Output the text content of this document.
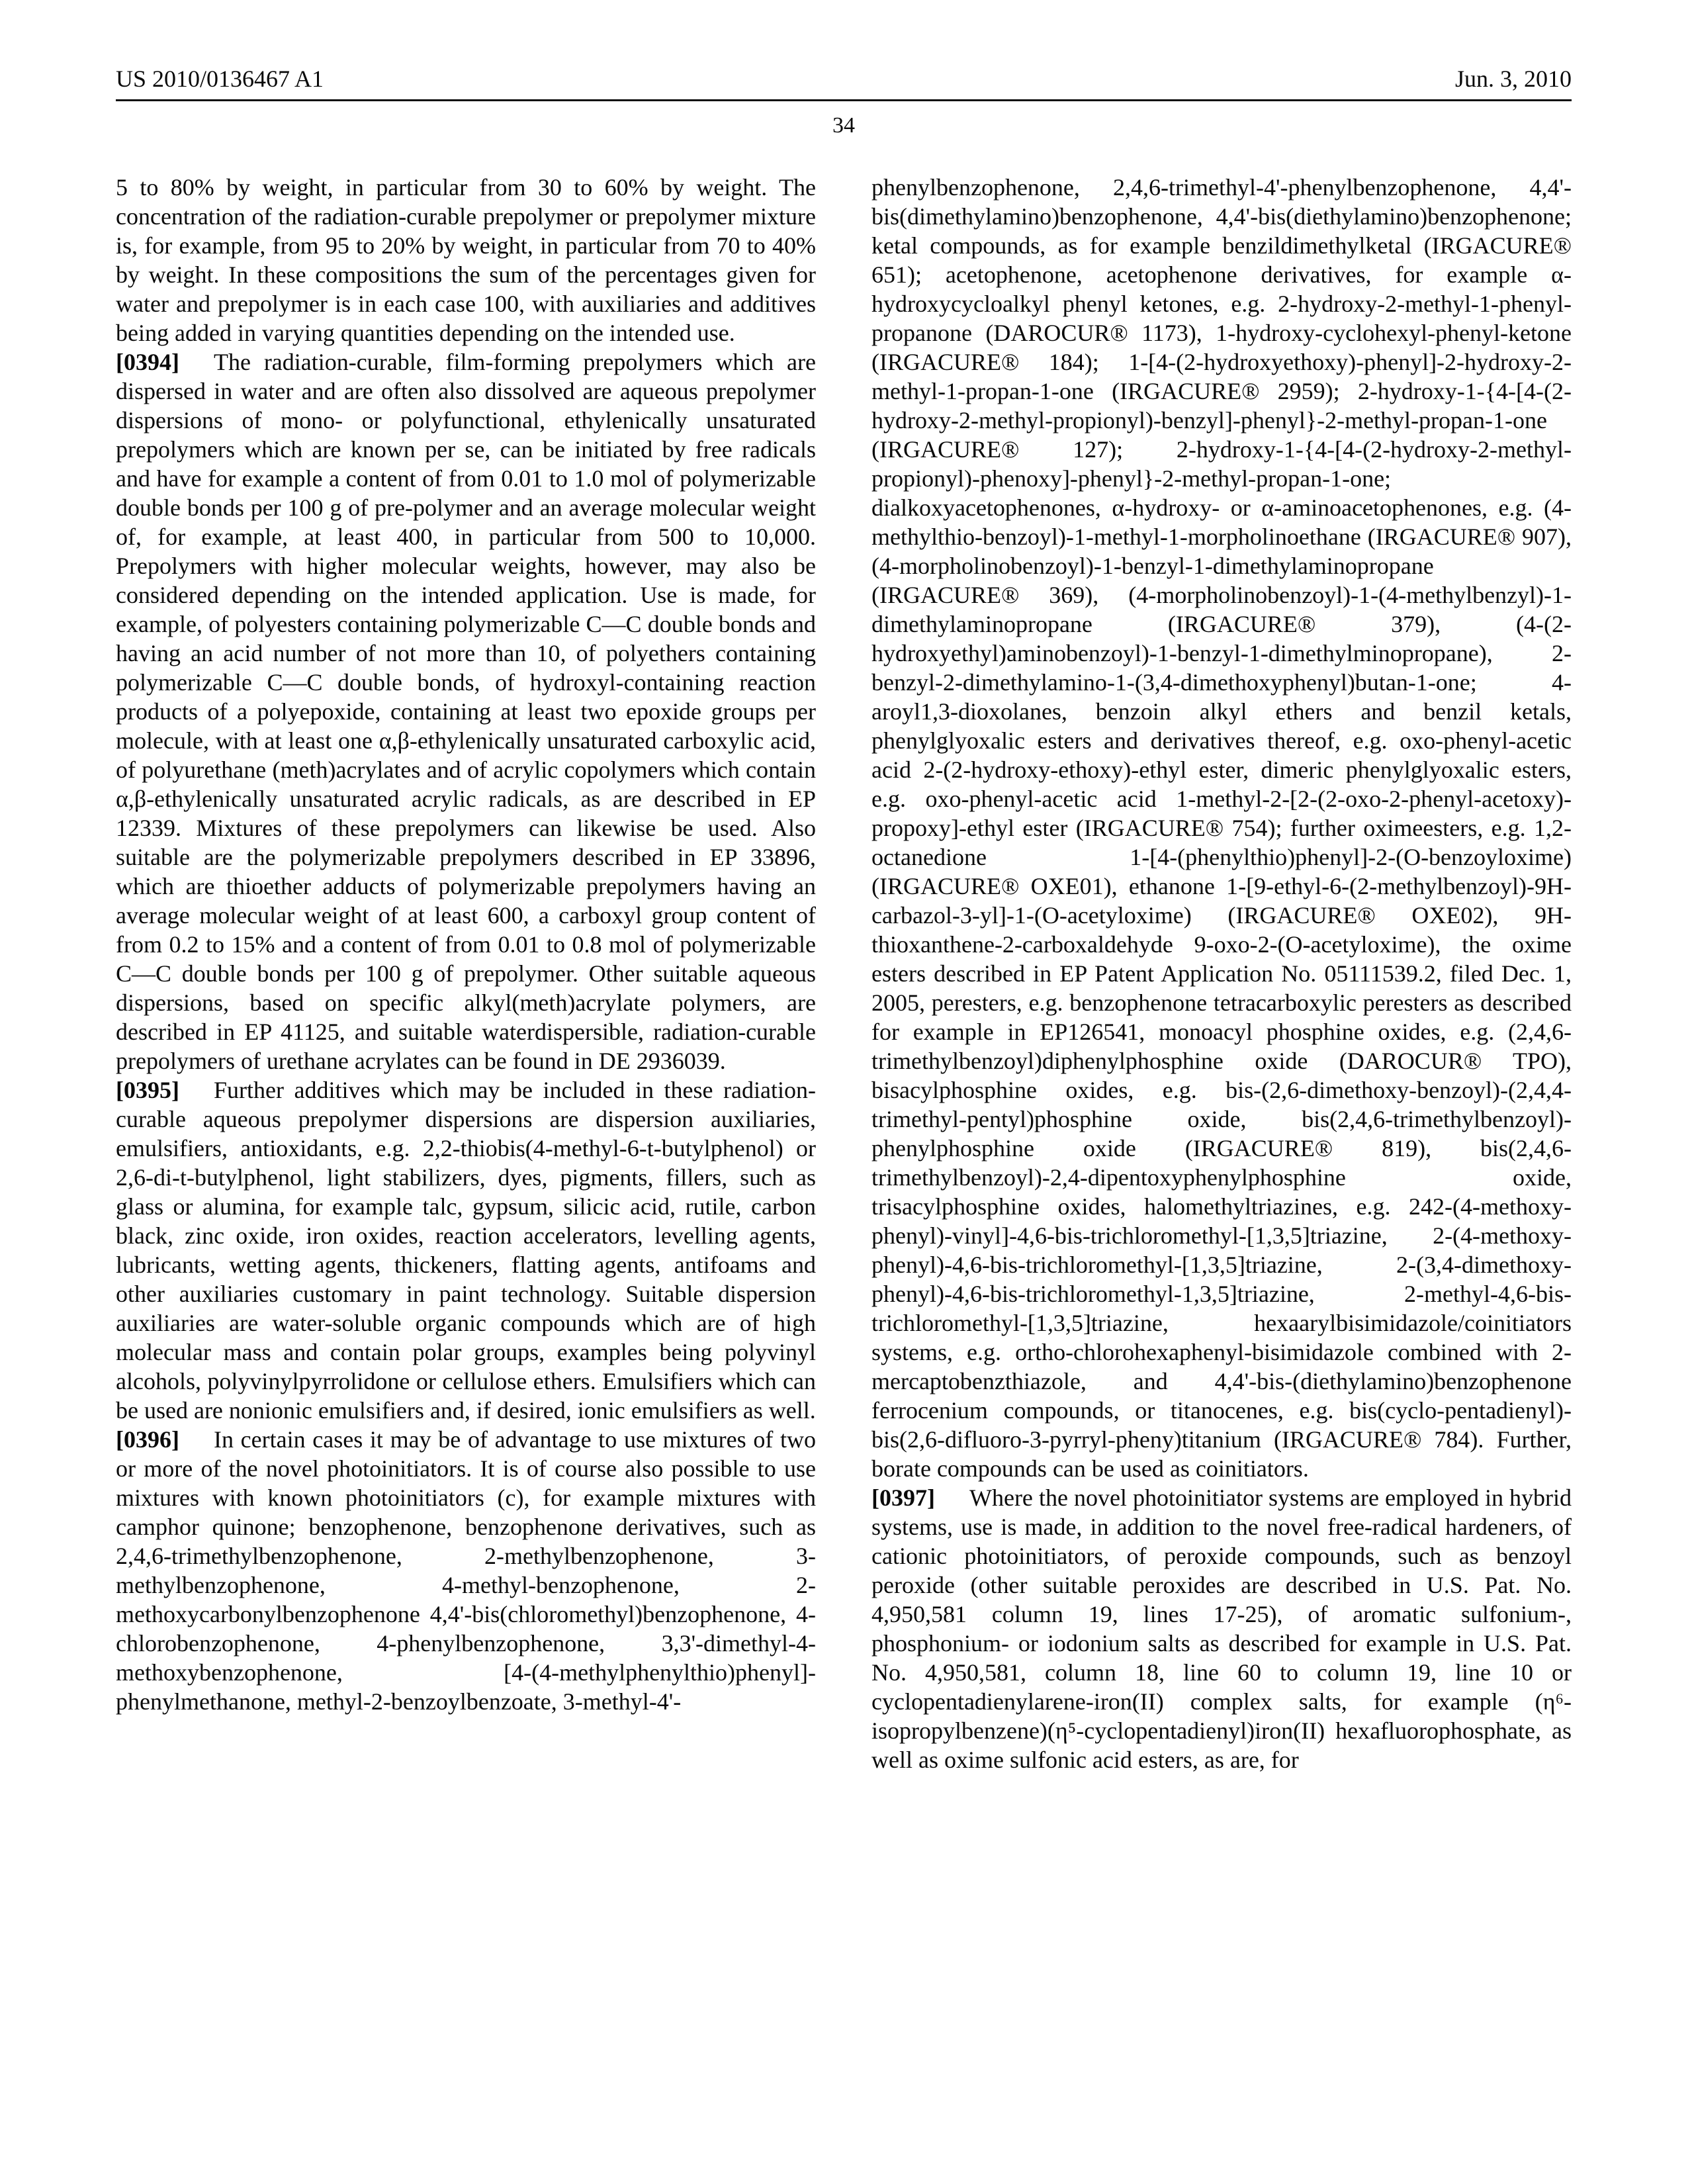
US 2010/0136467 A1	Jun. 3, 2010
34

5 to 80% by weight, in particular from 30 to 60% by weight. The concentration of the radiation-curable prepolymer or prepolymer mixture is, for example, from 95 to 20% by weight, in particular from 70 to 40% by weight. In these compositions the sum of the percentages given for water and prepolymer is in each case 100, with auxiliaries and additives being added in varying quantities depending on the intended use.

[0394] The radiation-curable, film-forming prepolymers which are dispersed in water and are often also dissolved are aqueous prepolymer dispersions of mono- or polyfunctional, ethylenically unsaturated prepolymers which are known per se, can be initiated by free radicals and have for example a content of from 0.01 to 1.0 mol of polymerizable double bonds per 100 g of pre-polymer and an average molecular weight of, for example, at least 400, in particular from 500 to 10,000. Prepolymers with higher molecular weights, however, may also be considered depending on the intended application. Use is made, for example, of polyesters containing polymerizable C—C double bonds and having an acid number of not more than 10, of polyethers containing polymerizable C—C double bonds, of hydroxyl-containing reaction products of a polyepoxide, containing at least two epoxide groups per molecule, with at least one α,β-ethylenically unsaturated carboxylic acid, of polyurethane (meth)acrylates and of acrylic copolymers which contain α,β-ethylenically unsaturated acrylic radicals, as are described in EP 12339. Mixtures of these prepolymers can likewise be used. Also suitable are the polymerizable prepolymers described in EP 33896, which are thioether adducts of polymerizable prepolymers having an average molecular weight of at least 600, a carboxyl group content of from 0.2 to 15% and a content of from 0.01 to 0.8 mol of polymerizable C—C double bonds per 100 g of prepolymer. Other suitable aqueous dispersions, based on specific alkyl(meth)acrylate polymers, are described in EP 41125, and suitable waterdispersible, radiation-curable prepolymers of urethane acrylates can be found in DE 2936039.

[0395] Further additives which may be included in these radiation-curable aqueous prepolymer dispersions are dispersion auxiliaries, emulsifiers, antioxidants, e.g. 2,2-thiobis(4-methyl-6-t-butylphenol) or 2,6-di-t-butylphenol, light stabilizers, dyes, pigments, fillers, such as glass or alumina, for example talc, gypsum, silicic acid, rutile, carbon black, zinc oxide, iron oxides, reaction accelerators, levelling agents, lubricants, wetting agents, thickeners, flatting agents, antifoams and other auxiliaries customary in paint technology. Suitable dispersion auxiliaries are water-soluble organic compounds which are of high molecular mass and contain polar groups, examples being polyvinyl alcohols, polyvinylpyrrolidone or cellulose ethers. Emulsifiers which can be used are nonionic emulsifiers and, if desired, ionic emulsifiers as well.

[0396] In certain cases it may be of advantage to use mixtures of two or more of the novel photoinitiators. It is of course also possible to use mixtures with known photoinitiators (c), for example mixtures with camphor quinone; benzophenone, benzophenone derivatives, such as 2,4,6-trimethylbenzophenone, 2-methylbenzophenone, 3-methylbenzophenone, 4-methyl-benzophenone, 2-methoxycarbonylbenzophenone 4,4'-bis(chloromethyl)benzophenone, 4-chlorobenzophenone, 4-phenylbenzophenone, 3,3'-dimethyl-4-methoxybenzophenone, [4-(4-methylphenylthio)phenyl]-phenylmethanone, methyl-2-benzoylbenzoate, 3-methyl-4'-

phenylbenzophenone, 2,4,6-trimethyl-4'-phenylbenzophenone, 4,4'-bis(dimethylamino)benzophenone, 4,4'-bis(diethylamino)benzophenone; ketal compounds, as for example benzildimethylketal (IRGACURE® 651); acetophenone, acetophenone derivatives, for example α-hydroxycycloalkyl phenyl ketones, e.g. 2-hydroxy-2-methyl-1-phenyl-propanone (DAROCUR® 1173), 1-hydroxy-cyclohexyl-phenyl-ketone (IRGACURE® 184); 1-[4-(2-hydroxyethoxy)-phenyl]-2-hydroxy-2-methyl-1-propan-1-one (IRGACURE® 2959); 2-hydroxy-1-{4-[4-(2-hydroxy-2-methyl-propionyl)-benzyl]-phenyl}-2-methyl-propan-1-one (IRGACURE® 127); 2-hydroxy-1-{4-[4-(2-hydroxy-2-methyl-propionyl)-phenoxy]-phenyl}-2-methyl-propan-1-one; dialkoxyacetophenones, α-hydroxy- or α-aminoacetophenones, e.g. (4-methylthio-benzoyl)-1-methyl-1-morpholinoethane (IRGACURE® 907), (4-morpholinobenzoyl)-1-benzyl-1-dimethylaminopropane (IRGACURE® 369), (4-morpholinobenzoyl)-1-(4-methylbenzyl)-1-dimethylaminopropane (IRGACURE® 379), (4-(2-hydroxyethyl)aminobenzoyl)-1-benzyl-1-dimethylminopropane), 2-benzyl-2-dimethylamino-1-(3,4-dimethoxyphenyl)butan-1-one; 4-aroyl1,3-dioxolanes, benzoin alkyl ethers and benzil ketals, phenylglyoxalic esters and derivatives thereof, e.g. oxo-phenyl-acetic acid 2-(2-hydroxy-ethoxy)-ethyl ester, dimeric phenylglyoxalic esters, e.g. oxo-phenyl-acetic acid 1-methyl-2-[2-(2-oxo-2-phenyl-acetoxy)-propoxy]-ethyl ester (IRGACURE® 754); further oximeesters, e.g. 1,2-octanedione 1-[4-(phenylthio)phenyl]-2-(O-benzoyloxime) (IRGACURE® OXE01), ethanone 1-[9-ethyl-6-(2-methylbenzoyl)-9H-carbazol-3-yl]-1-(O-acetyloxime) (IRGACURE® OXE02), 9H-thioxanthene-2-carboxaldehyde 9-oxo-2-(O-acetyloxime), the oxime esters described in EP Patent Application No. 05111539.2, filed Dec. 1, 2005, peresters, e.g. benzophenone tetracarboxylic peresters as described for example in EP126541, monoacyl phosphine oxides, e.g. (2,4,6-trimethylbenzoyl)diphenylphosphine oxide (DAROCUR® TPO), bisacylphosphine oxides, e.g. bis-(2,6-dimethoxy-benzoyl)-(2,4,4-trimethyl-pentyl)phosphine oxide, bis(2,4,6-trimethylbenzoyl)-phenylphosphine oxide (IRGACURE® 819), bis(2,4,6-trimethylbenzoyl)-2,4-dipentoxyphenylphosphine oxide, trisacylphosphine oxides, halomethyltriazines, e.g. 242-(4-methoxy-phenyl)-vinyl]-4,6-bis-trichloromethyl-[1,3,5]triazine, 2-(4-methoxy-phenyl)-4,6-bis-trichloromethyl-[1,3,5]triazine, 2-(3,4-dimethoxy-phenyl)-4,6-bis-trichloromethyl-1,3,5]triazine, 2-methyl-4,6-bis-trichloromethyl-[1,3,5]triazine, hexaarylbisimidazole/coinitiators systems, e.g. ortho-chlorohexaphenyl-bisimidazole combined with 2-mercaptobenzthiazole, and 4,4'-bis-(diethylamino)benzophenone ferrocenium compounds, or titanocenes, e.g. bis(cyclo-pentadienyl)-bis(2,6-difluoro-3-pyrryl-pheny)titanium (IRGACURE® 784). Further, borate compounds can be used as coinitiators.

[0397] Where the novel photoinitiator systems are employed in hybrid systems, use is made, in addition to the novel free-radical hardeners, of cationic photoinitiators, of peroxide compounds, such as benzoyl peroxide (other suitable peroxides are described in U.S. Pat. No. 4,950,581 column 19, lines 17-25), of aromatic sulfonium-, phosphonium- or iodonium salts as described for example in U.S. Pat. No. 4,950,581, column 18, line 60 to column 19, line 10 or cyclopentadienylarene-iron(II) complex salts, for example (η⁶-isopropylbenzene)(η⁵-cyclopentadienyl)iron(II) hexafluorophosphate, as well as oxime sulfonic acid esters, as are, for
